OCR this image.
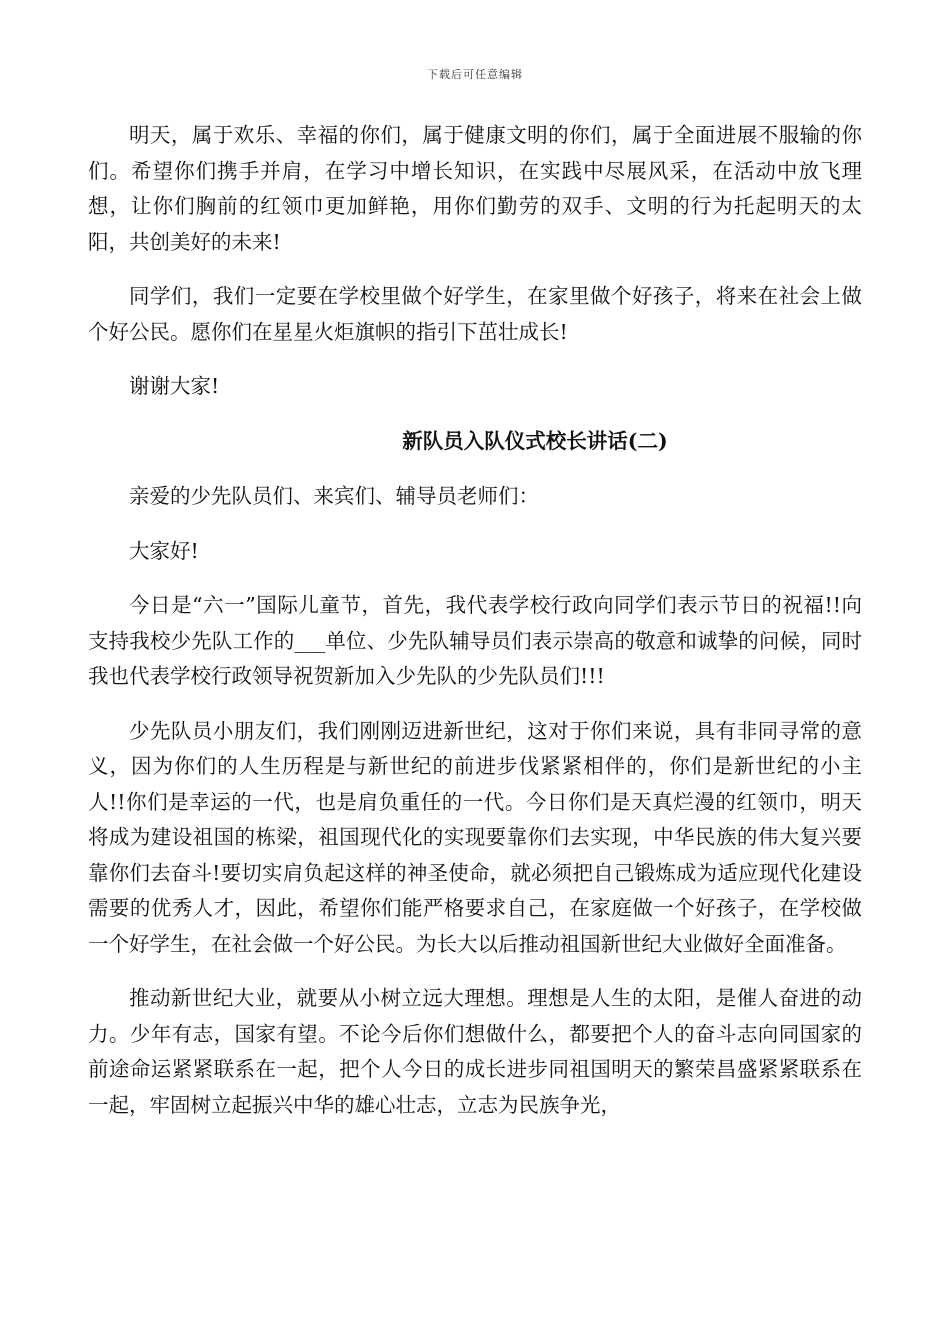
下载后可任意编辑

明天，属于欢乐、幸福的你们，属于健康文明的你们，属于全面进展不服输的你们。希望你们携手并肩，在学习中增长知识，在实践中尽展风采，在活动中放飞理想，让你们胸前的红领巾更加鲜艳，用你们勤劳的双手、文明的行为托起明天的太阳，共创美好的未来!

同学们，我们一定要在学校里做个好学生，在家里做个好孩子，将来在社会上做个好公民。愿你们在星星火炬旗帜的指引下茁壮成长!

谢谢大家!

新队员入队仪式校长讲话(二)

亲爱的少先队员们、来宾们、辅导员老师们：

大家好!

今日是“六一”国际儿童节，首先，我代表学校行政向同学们表示节日的祝福!!向支持我校少先队工作的___单位、少先队辅导员们表示崇高的敬意和诚挚的问候，同时我也代表学校行政领导祝贺新加入少先队的少先队员们!!!

少先队员小朋友们，我们刚刚迈进新世纪，这对于你们来说，具有非同寻常的意义，因为你们的人生历程是与新世纪的前进步伐紧紧相伴的，你们是新世纪的小主人!!你们是幸运的一代，也是肩负重任的一代。今日你们是天真烂漫的红领巾，明天将成为建设祖国的栋梁，祖国现代化的实现要靠你们去实现，中华民族的伟大复兴要靠你们去奋斗!要切实肩负起这样的神圣使命，就必须把自己锻炼成为适应现代化建设需要的优秀人才，因此，希望你们能严格要求自己，在家庭做一个好孩子，在学校做一个好学生，在社会做一个好公民。为长大以后推动祖国新世纪大业做好全面准备。

推动新世纪大业，就要从小树立远大理想。理想是人生的太阳，是催人奋进的动力。少年有志，国家有望。不论今后你们想做什么，都要把个人的奋斗志向同国家的前途命运紧紧联系在一起，把个人今日的成长进步同祖国明天的繁荣昌盛紧紧联系在一起，牢固树立起振兴中华的雄心壮志，立志为民族争光，
